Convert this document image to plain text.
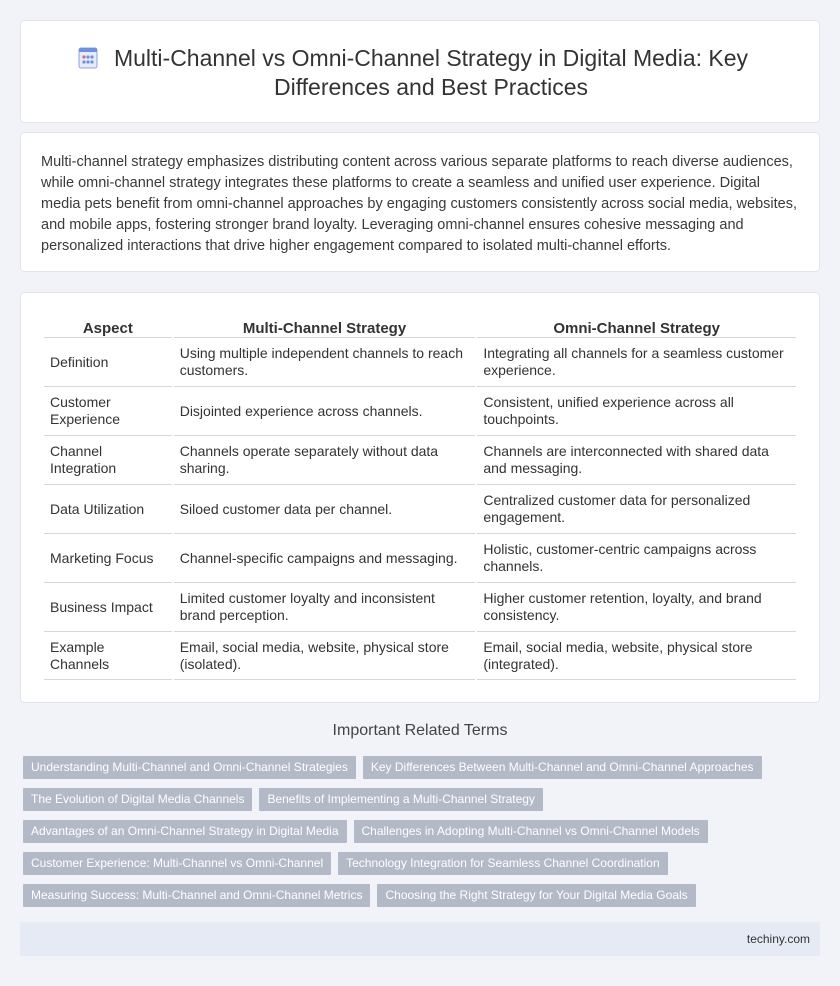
Multi-Channel vs Omni-Channel Strategy in Digital Media: Key Differences and Best Practices

Multi-channel strategy emphasizes distributing content across various separate platforms to reach diverse audiences, while omni-channel strategy integrates these platforms to create a seamless and unified user experience. Digital media pets benefit from omni-channel approaches by engaging customers consistently across social media, websites, and mobile apps, fostering stronger brand loyalty. Leveraging omni-channel ensures cohesive messaging and personalized interactions that drive higher engagement compared to isolated multi-channel efforts.

Aspect	Multi-Channel Strategy	Omni-Channel Strategy
Definition	Using multiple independent channels to reach customers.	Integrating all channels for a seamless customer experience.
Customer Experience	Disjointed experience across channels.	Consistent, unified experience across all touchpoints.
Channel Integration	Channels operate separately without data sharing.	Channels are interconnected with shared data and messaging.
Data Utilization	Siloed customer data per channel.	Centralized customer data for personalized engagement.
Marketing Focus	Channel-specific campaigns and messaging.	Holistic, customer-centric campaigns across channels.
Business Impact	Limited customer loyalty and inconsistent brand perception.	Higher customer retention, loyalty, and brand consistency.
Example Channels	Email, social media, website, physical store (isolated).	Email, social media, website, physical store (integrated).
Important Related Terms
Understanding Multi-Channel and Omni-Channel Strategies	Key Differences Between Multi-Channel and Omni-Channel Approaches
The Evolution of Digital Media Channels	Benefits of Implementing a Multi-Channel Strategy
Advantages of an Omni-Channel Strategy in Digital Media	Challenges in Adopting Multi-Channel vs Omni-Channel Models
Customer Experience: Multi-Channel vs Omni-Channel	Technology Integration for Seamless Channel Coordination
Measuring Success: Multi-Channel and Omni-Channel Metrics	Choosing the Right Strategy for Your Digital Media Goals
techiny.com
